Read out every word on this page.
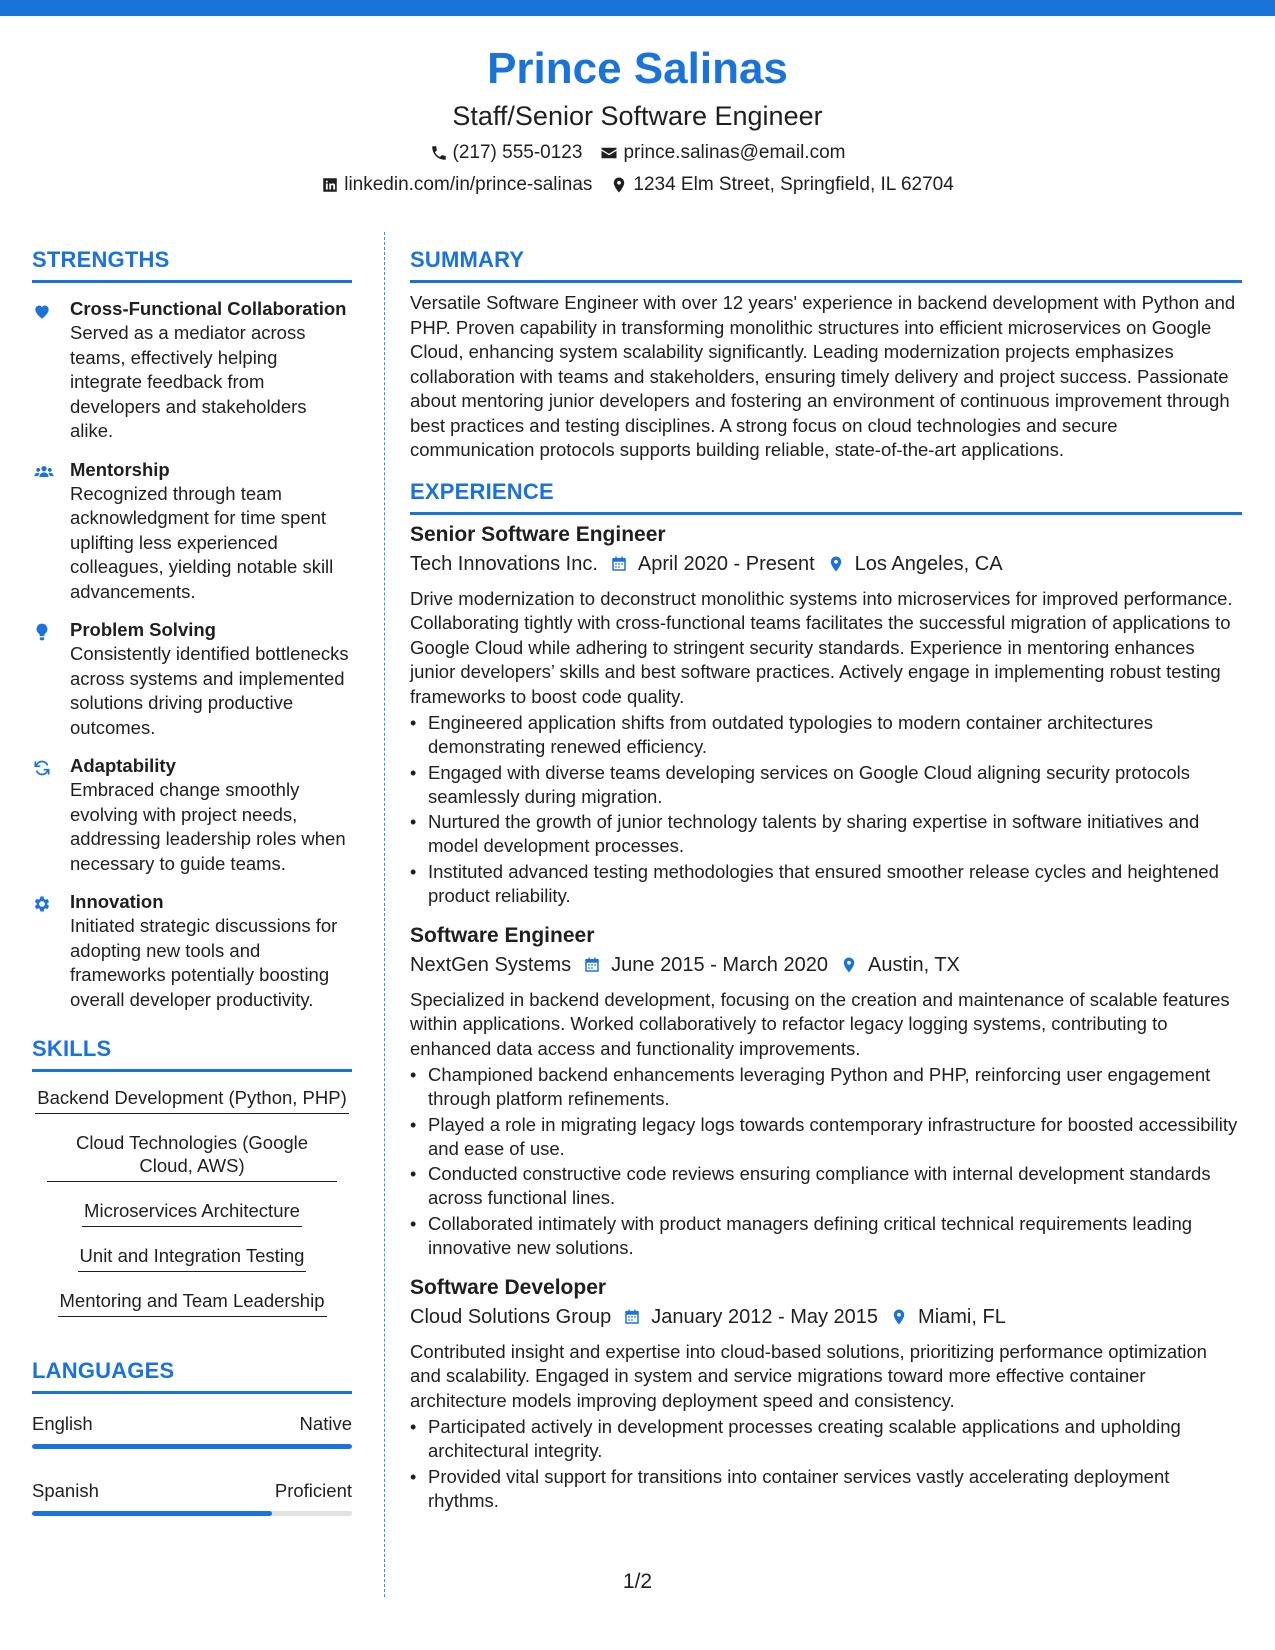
Prince Salinas
Staff/Senior Software Engineer
(217) 555-0123 prince.salinas@email.com
linkedin.com/in/prince-salinas 1234 Elm Street, Springfield, IL 62704
STRENGTHS
Cross-Functional Collaboration
Served as a mediator across teams, effectively helping integrate feedback from developers and stakeholders alike.
Mentorship
Recognized through team acknowledgment for time spent uplifting less experienced colleagues, yielding notable skill advancements.
Problem Solving
Consistently identified bottlenecks across systems and implemented solutions driving productive outcomes.
Adaptability
Embraced change smoothly evolving with project needs, addressing leadership roles when necessary to guide teams.
Innovation
Initiated strategic discussions for adopting new tools and frameworks potentially boosting overall developer productivity.
SKILLS
Backend Development (Python, PHP)
Cloud Technologies (Google Cloud, AWS)
Microservices Architecture
Unit and Integration Testing
Mentoring and Team Leadership
LANGUAGES
English	Native
Spanish	Proficient
SUMMARY
Versatile Software Engineer with over 12 years' experience in backend development with Python and PHP. Proven capability in transforming monolithic structures into efficient microservices on Google Cloud, enhancing system scalability significantly. Leading modernization projects emphasizes collaboration with teams and stakeholders, ensuring timely delivery and project success. Passionate about mentoring junior developers and fostering an environment of continuous improvement through best practices and testing disciplines. A strong focus on cloud technologies and secure communication protocols supports building reliable, state-of-the-art applications.
EXPERIENCE
Senior Software Engineer
Tech Innovations Inc. April 2020 - Present Los Angeles, CA
Drive modernization to deconstruct monolithic systems into microservices for improved performance. Collaborating tightly with cross-functional teams facilitates the successful migration of applications to Google Cloud while adhering to stringent security standards. Experience in mentoring enhances junior developers’ skills and best software practices. Actively engage in implementing robust testing frameworks to boost code quality.
• Engineered application shifts from outdated typologies to modern container architectures demonstrating renewed efficiency.
• Engaged with diverse teams developing services on Google Cloud aligning security protocols seamlessly during migration.
• Nurtured the growth of junior technology talents by sharing expertise in software initiatives and model development processes.
• Instituted advanced testing methodologies that ensured smoother release cycles and heightened product reliability.
Software Engineer
NextGen Systems June 2015 - March 2020 Austin, TX
Specialized in backend development, focusing on the creation and maintenance of scalable features within applications. Worked collaboratively to refactor legacy logging systems, contributing to enhanced data access and functionality improvements.
• Championed backend enhancements leveraging Python and PHP, reinforcing user engagement through platform refinements.
• Played a role in migrating legacy logs towards contemporary infrastructure for boosted accessibility and ease of use.
• Conducted constructive code reviews ensuring compliance with internal development standards across functional lines.
• Collaborated intimately with product managers defining critical technical requirements leading innovative new solutions.
Software Developer
Cloud Solutions Group January 2012 - May 2015 Miami, FL
Contributed insight and expertise into cloud-based solutions, prioritizing performance optimization and scalability. Engaged in system and service migrations toward more effective container architecture models improving deployment speed and consistency.
• Participated actively in development processes creating scalable applications and upholding architectural integrity.
• Provided vital support for transitions into container services vastly accelerating deployment rhythms.
1/2
